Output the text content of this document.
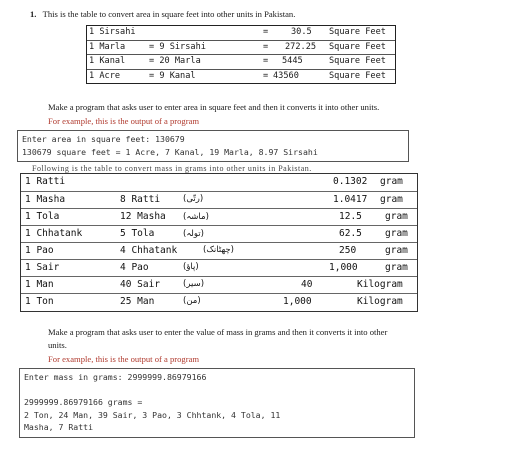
1. This is the table to convert area in square feet into other units in Pakistan.
1 Sirsahi	=	30.5 Square Feet
1 Marla	= 9 Sirsahi	= 272.25 Square Feet
1 Kanal	= 20 Marla	= 5445	Square Feet
1 Acre	= 9 Kanal	= 43560	Square Feet
Make a program that asks user to enter area in square feet and then it converts it into other units.
For example, this is the output of a program
Enter area in square feet: 130679
130679 square feet = 1 Acre, 7 Kanal, 19 Marla, 8.97 Sirsahi
Following is the table to convert mass in grams into other units in Pakistan.
1 Ratti	0.1302 gram
1 Masha	8 Ratti	(رتّی)	1.0417 gram
1 Tola	12 Masha (ماشہ)	12.5 gram
1 Chhatank	5 Tola	(تولہ)	62.5 gram
1 Pao	4 Chhatank	(چھٹانک)	250	gram
1 Sair	4 Pao	(پاؤ)	1,000	gram
1 Man	40 Sair	(سیر)	40	Kilogram
1 Ton	25 Man	(من)	1,000	Kilogram
Make a program that asks user to enter the value of mass in grams and then it converts it into other
units.
For example, this is the output of a program
Enter mass in grams: 2999999.86979166
2999999.86979166 grams =
2 Ton, 24 Man, 39 Sair, 3 Pao, 3 Chhtank, 4 Tola, 11
Masha, 7 Ratti
